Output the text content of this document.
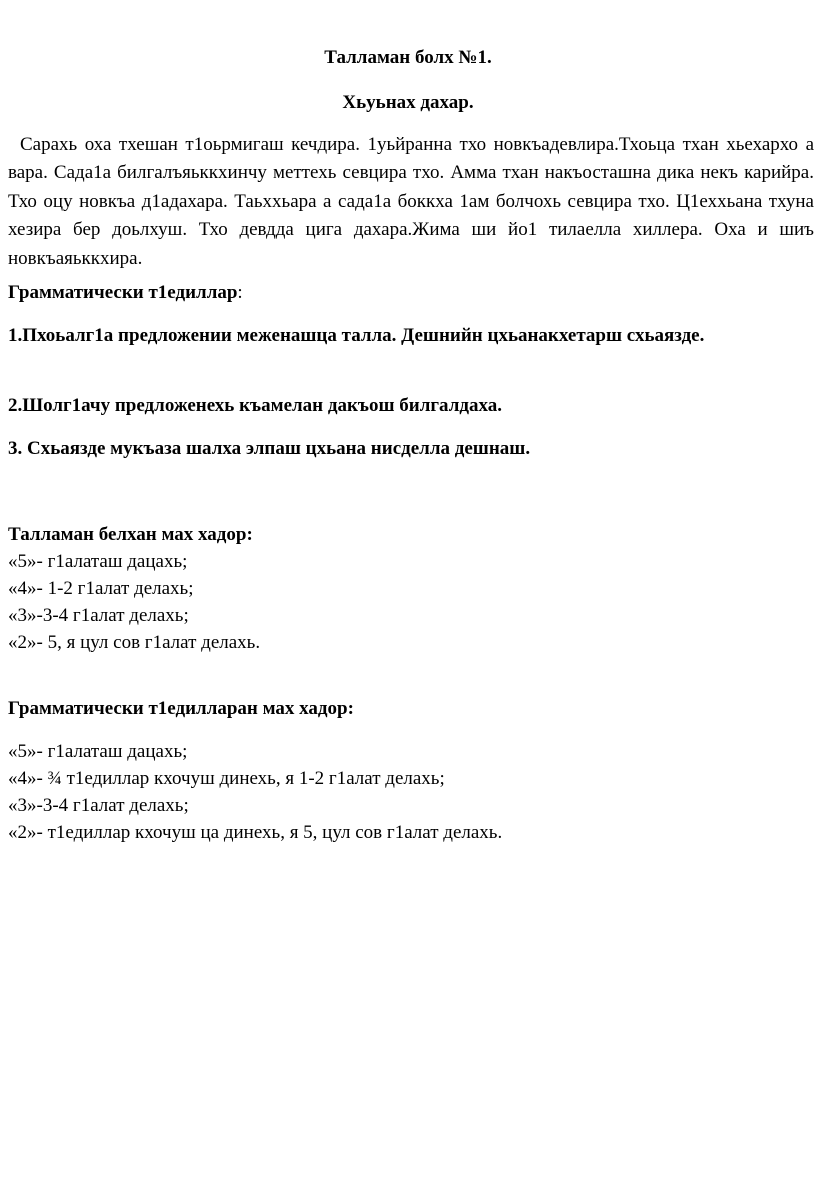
Талламан болх №1.
Хьуьнах дахар.
Сарахь оха тхешан т1оьрмигаш кечдира. 1уьйранна тхо новкъадевлира.Тхоьца тхан хьехархо а вара. Сада1а билгалъяьккхинчу меттехь севцира тхо. Амма тхан накъосташна дика некъ карийра. Тхо оцу новкъа д1адахара. Таьххьара а сада1а боккха 1ам болчохь севцира тхо. Ц1еххьана тхуна хезира бер доьлхуш. Тхо девдда цига дахара.Жима ши йо1 тилаелла хиллера. Оха и шиъ новкъаяьккхира.
Грамматически т1едиллар:
1.Пхоьалг1а предложении меженашца талла. Дешнийн цхьанакхетарш схьаязде.
2.Шолг1ачу предложенехь къамелан дакъош билгалдаха.
3. Схьаязде мукъаза шалха элпаш цхьана нисделла дешнаш.
Талламан белхан мах хадор:
«5»- г1алаташ дацахь;
«4»- 1-2 г1алат делахь;
«3»-3-4 г1алат делахь;
«2»- 5, я цул сов г1алат делахь.
Грамматически т1едилларан мах хадор:
«5»- г1алаташ дацахь;
«4»- ¾ т1едиллар кхочуш динехь, я 1-2 г1алат делахь;
«3»-3-4 г1алат делахь;
«2»- т1едиллар кхочуш ца динехь, я 5, цул сов г1алат делахь.
